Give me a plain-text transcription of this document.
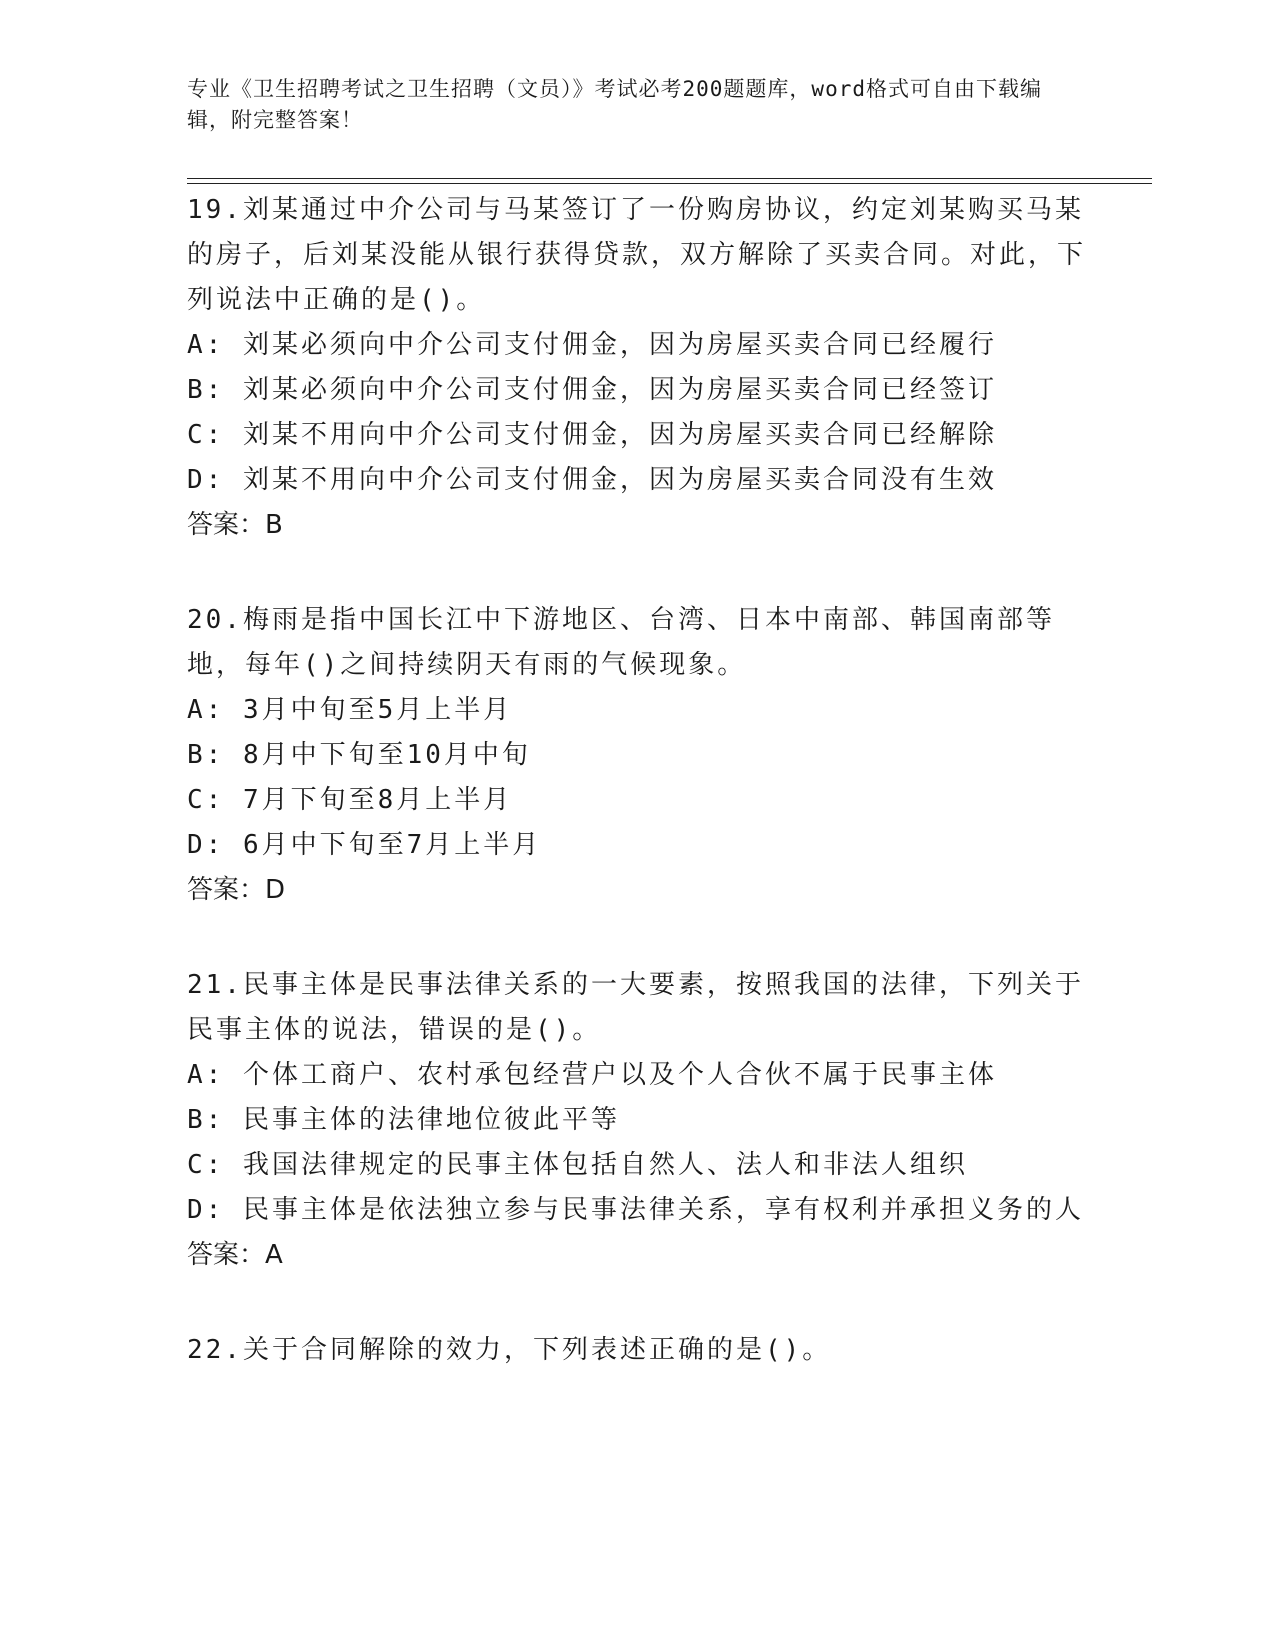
专业《卫生招聘考试之卫生招聘（文员）》考试必考200题题库，word格式可自由下载编辑，附完整答案！

19.刘某通过中介公司与马某签订了一份购房协议，约定刘某购买马某的房子，后刘某没能从银行获得贷款，双方解除了买卖合同。对此，下列说法中正确的是()。

A: 刘某必须向中介公司支付佣金，因为房屋买卖合同已经履行

B: 刘某必须向中介公司支付佣金，因为房屋买卖合同已经签订

C: 刘某不用向中介公司支付佣金，因为房屋买卖合同已经解除

D: 刘某不用向中介公司支付佣金，因为房屋买卖合同没有生效

答案：B

20.梅雨是指中国长江中下游地区、台湾、日本中南部、韩国南部等地，每年()之间持续阴天有雨的气候现象。

A: 3月中旬至5月上半月

B: 8月中下旬至10月中旬

C: 7月下旬至8月上半月

D: 6月中下旬至7月上半月

答案：D

21.民事主体是民事法律关系的一大要素，按照我国的法律，下列关于民事主体的说法，错误的是()。

A: 个体工商户、农村承包经营户以及个人合伙不属于民事主体

B: 民事主体的法律地位彼此平等

C: 我国法律规定的民事主体包括自然人、法人和非法人组织

D: 民事主体是依法独立参与民事法律关系，享有权利并承担义务的人

答案：A

22.关于合同解除的效力，下列表述正确的是()。
